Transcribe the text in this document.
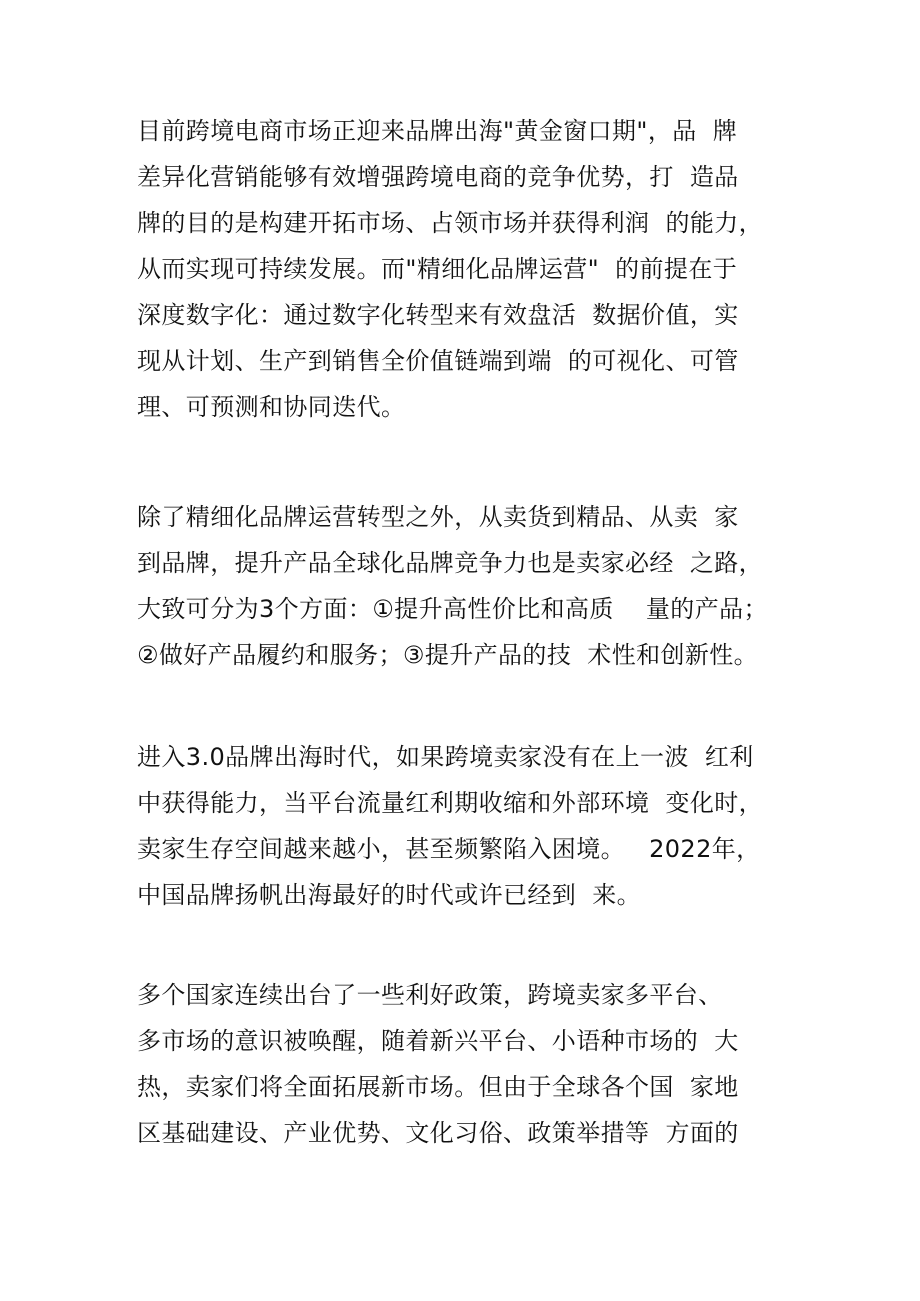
目前跨境电商市场正迎来品牌出海"黄金窗口期"，品  牌
差异化营销能够有效增强跨境电商的竞争优势，打  造品
牌的目的是构建开拓市场、占领市场并获得利润  的能力，
从而实现可持续发展。而"精细化品牌运营"  的前提在于
深度数字化：通过数字化转型来有效盘活  数据价值，实
现从计划、生产到销售全价值链端到端  的可视化、可管
理、可预测和协同迭代。
除了精细化品牌运营转型之外，从卖货到精品、从卖  家
到品牌，提升产品全球化品牌竞争力也是卖家必经  之路，
大致可分为3个方面：①提升高性价比和高质    量的产品；
②做好产品履约和服务；③提升产品的技  术性和创新性。
进入3.0品牌出海时代，如果跨境卖家没有在上一波  红利
中获得能力，当平台流量红利期收缩和外部环境  变化时，
卖家生存空间越来越小，甚至频繁陷入困境。   2022年，
中国品牌扬帆出海最好的时代或许已经到  来。
多个国家连续出台了一些利好政策，跨境卖家多平台、
多市场的意识被唤醒，随着新兴平台、小语种市场的  大
热，卖家们将全面拓展新市场。但由于全球各个国  家地
区基础建设、产业优势、文化习俗、政策举措等  方面的
